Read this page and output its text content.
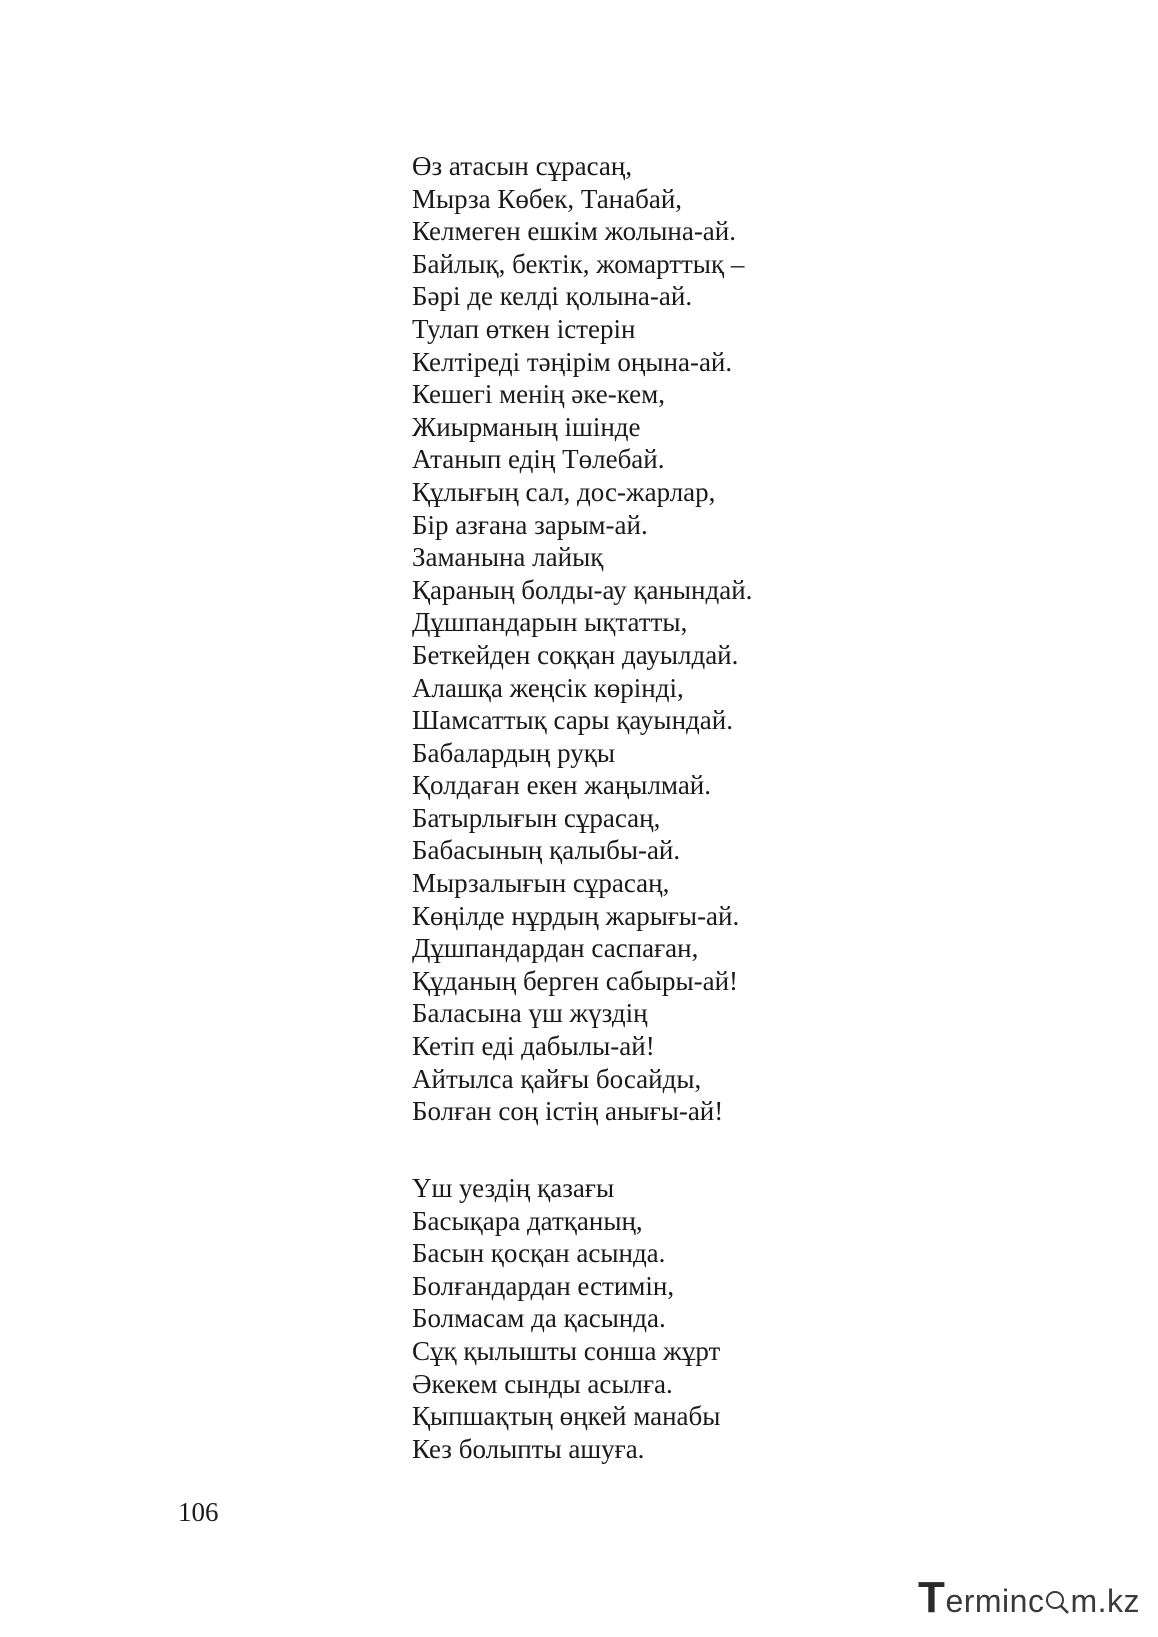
Өз атасын сұрасаң,
Мырза Көбек, Танабай,
Келмеген ешкім жолына-ай.
Байлық, бектік, жомарттық –
Бәрі де келді қолына-ай.
Тулап өткен істерін
Келтіреді тәңірім оңына-ай.
Кешегі менің әке-кем,
Жиырманың ішінде
Атанып едің Төлебай.
Құлығың сал, дос-жарлар,
Бір азғана зарым-ай.
Заманына лайық
Қараның болды-ау қанындай.
Дұшпандарын ықтатты,
Беткейден соққан дауылдай.
Алашқа жеңсік көрінді,
Шамсаттық сары қауындай.
Бабалардың руқы
Қолдаған екен жаңылмай.
Батырлығын сұрасаң,
Бабасының қалыбы-ай.
Мырзалығын сұрасаң,
Көңілде нұрдың жарығы-ай.
Дұшпандардан саспаған,
Құданың берген сабыры-ай!
Баласына үш жүздің
Кетіп еді дабылы-ай!
Айтылса қайғы босайды,
Болған соң істің анығы-ай!
Үш уездің қазағы
Басықара датқаның,
Басын қосқан асында.
Болғандардан естимін,
Болмасам да қасында.
Сұқ қылышты сонша жұрт
Әкекем сынды асылға.
Қыпшақтың өңкей манабы
Кез болыпты ашуға.
106
T erminc m.kz
